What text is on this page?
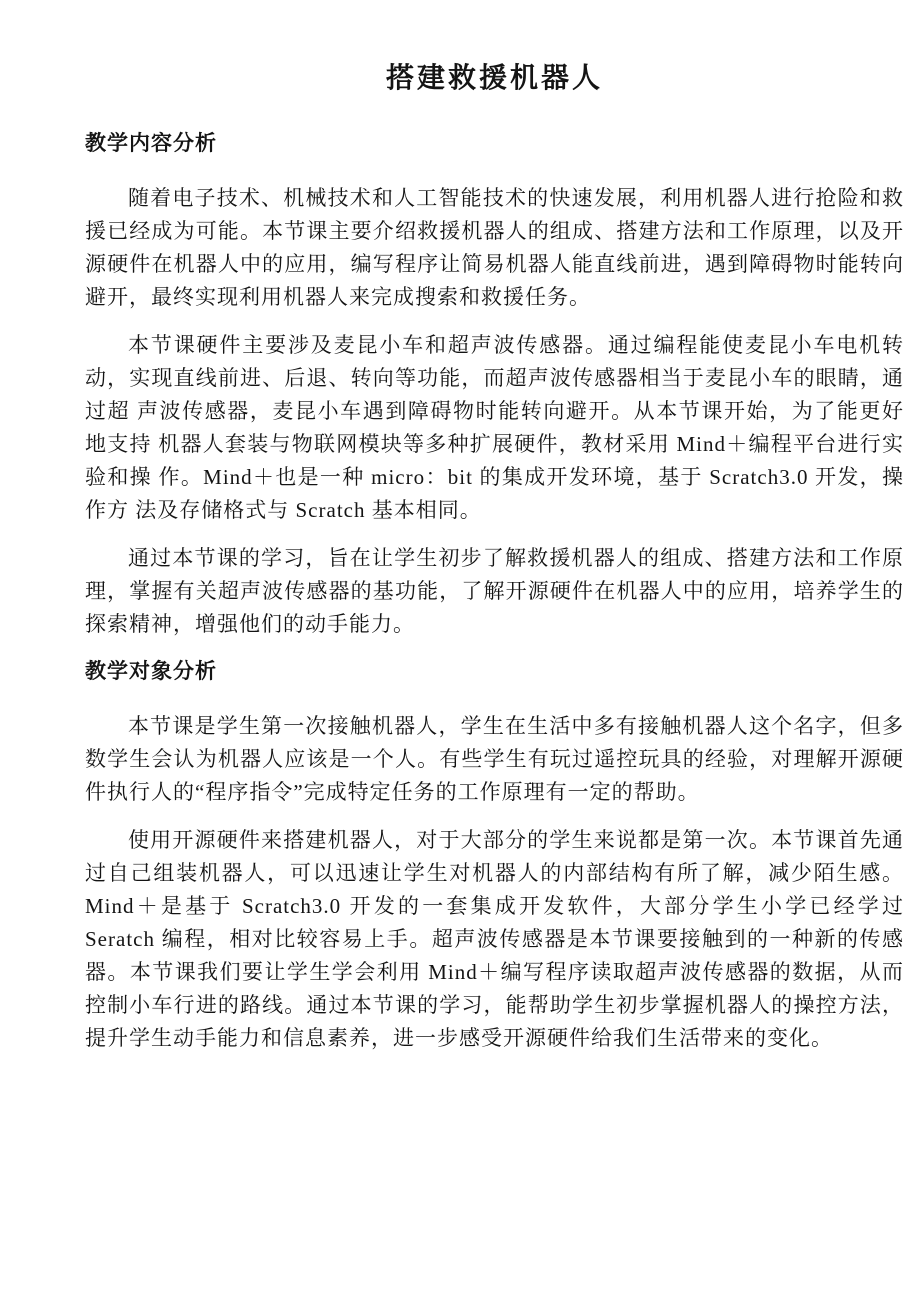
搭建救援机器人
教学内容分析

随着电子技术、机械技术和人工智能技术的快速发展，利用机器人进行抢险和救援已经成为可能。本节课主要介绍救援机器人的组成、搭建方法和工作原理，以及开源硬件在机器人中的应用，编写程序让简易机器人能直线前进，遇到障碍物时能转向避开，最终实现利用机器人来完成搜索和救援任务。

本节课硬件主要涉及麦昆小车和超声波传感器。通过编程能使麦昆小车电机转动，实现直线前进、后退、转向等功能，而超声波传感器相当于麦昆小车的眼睛，通过超 声波传感器，麦昆小车遇到障碍物时能转向避开。从本节课开始，为了能更好地支持 机器人套装与物联网模块等多种扩展硬件，教材采用 Mind＋编程平台进行实验和操 作。Mind＋也是一种 micro：bit 的集成开发环境，基于 Scratch3.0 开发，操作方 法及存储格式与 Scratch 基本相同。

通过本节课的学习，旨在让学生初步了解救援机器人的组成、搭建方法和工作原理，掌握有关超声波传感器的基功能，了解开源硬件在机器人中的应用，培养学生的探索精神，增强他们的动手能力。

教学对象分析

本节课是学生第一次接触机器人，学生在生活中多有接触机器人这个名字，但多数学生会认为机器人应该是一个人。有些学生有玩过遥控玩具的经验，对理解开源硬件执行人的“程序指令”完成特定任务的工作原理有一定的帮助。

使用开源硬件来搭建机器人，对于大部分的学生来说都是第一次。本节课首先通过自己组装机器人，可以迅速让学生对机器人的内部结构有所了解，减少陌生感。 Mind＋是基于 Scratch3.0 开发的一套集成开发软件，大部分学生小学已经学过 Seratch 编程，相对比较容易上手。超声波传感器是本节课要接触到的一种新的传感 器。本节课我们要让学生学会利用 Mind＋编写程序读取超声波传感器的数据，从而 控制小车行进的路线。通过本节课的学习，能帮助学生初步掌握机器人的操控方法， 提升学生动手能力和信息素养，进一步感受开源硬件给我们生活带来的变化。
